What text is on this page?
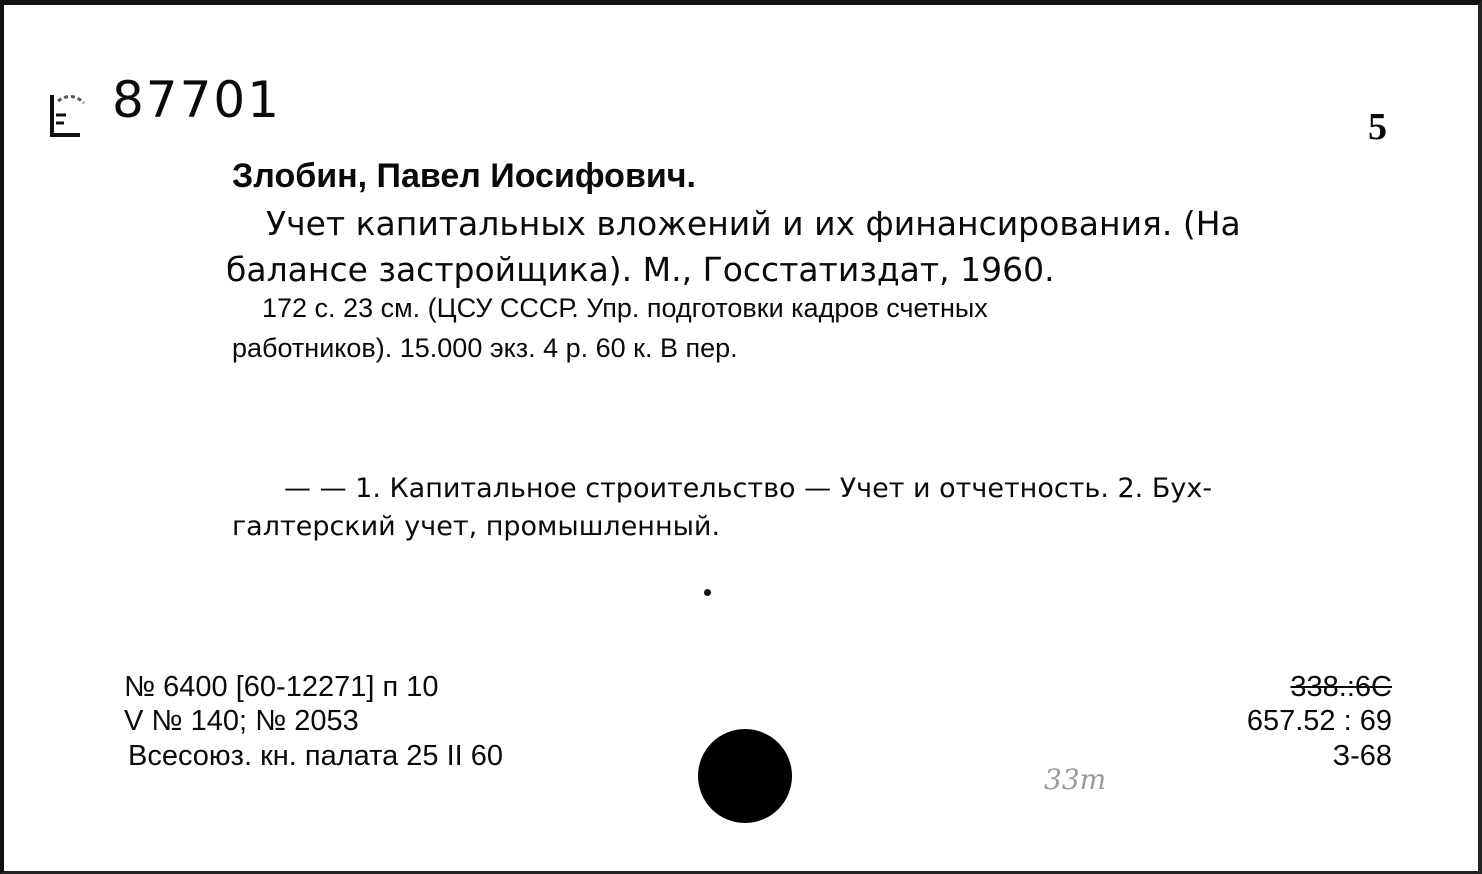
87701	5
Злобин, Павел Иосифович.
Учет капитальных вложений и их финансирования. (На
балансе застройщика). М., Госстатиздат, 1960.
172 с. 23 см. (ЦСУ СССР. Упр. подготовки кадров счетных
работников). 15.000 экз. 4 р. 60 к. В пер.
— — 1. Капитальное строительство — Учет и отчетность. 2. Бух-
галтерский учет, промышленный.
№ 6400 [60-12271] п 10
V № 140; № 2053
Всесоюз. кн. палата 25 II 60
338.:6С
657.52 : 69
З-68
33т
